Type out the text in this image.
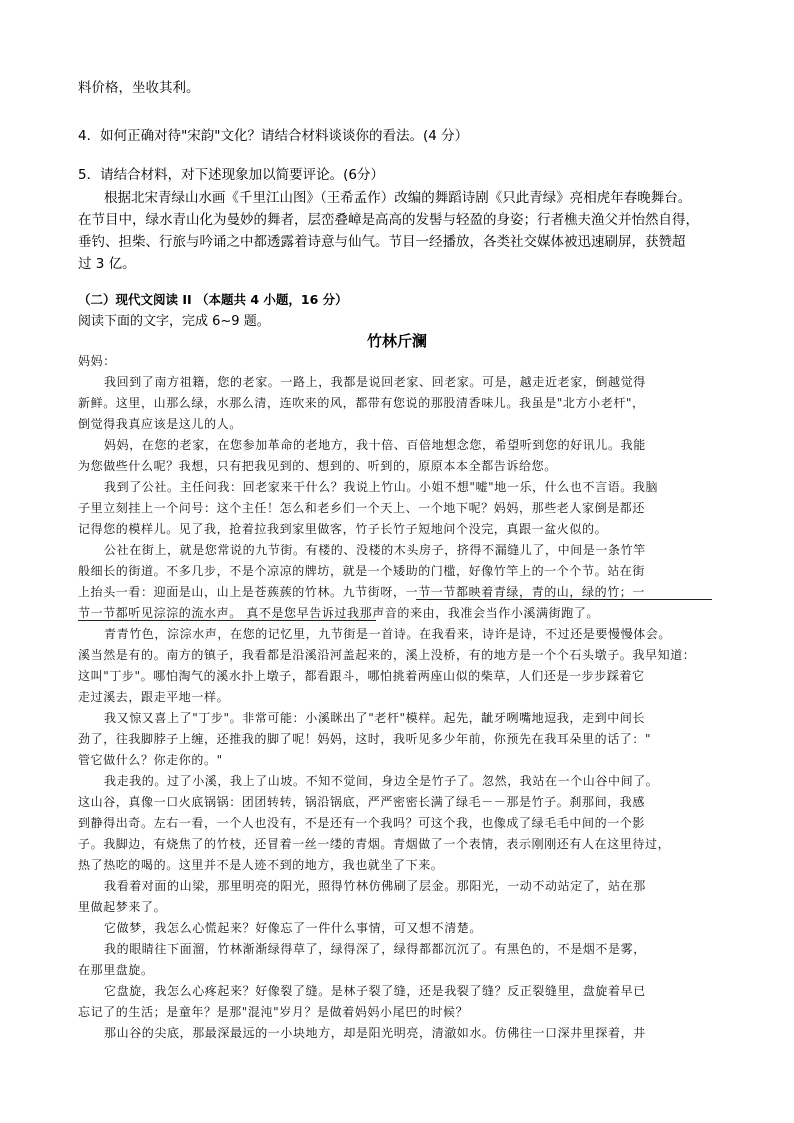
料价格，坐收其利。
4．如何正确对待"宋韵"文化？请结合材料谈谈你的看法。(4 分）
5．请结合材料，对下述现象加以简要评论。(6分）
根据北宋青绿山水画《千里江山图》（王希孟作）改编的舞蹈诗剧《只此青绿》亮相虎年春晚舞台。
在节目中，绿水青山化为曼妙的舞者，层峦叠嶂是高高的发髻与轻盈的身姿；行者樵夫渔父并怡然自得，
垂钓、担柴、行旅与吟诵之中都透露着诗意与仙气。节目一经播放，各类社交媒体被迅速刷屏，获赞超
过 3 亿。
（二）现代文阅读 II （本题共 4 小题，16 分）
阅读下面的文字，完成 6~9 题。
竹林斤澜
妈妈：
我回到了南方祖籍，您的老家。一路上，我都是说回老家、回老家。可是，越走近老家，倒越觉得
新鲜。这里，山那么绿，水那么清，连吹来的风，都带有您说的那股清香味儿。我虽是"北方小老杆"，
倒觉得我真应该是这儿的人。
妈妈，在您的老家，在您参加革命的老地方，我十倍、百倍地想念您，希望听到您的好讯儿。我能
为您做些什么呢？我想，只有把我见到的、想到的、听到的，原原本本全都告诉给您。
我到了公社。主任问我：回老家来干什么？我说上竹山。小姐不想"嘘"地一乐，什么也不言语。我脑
子里立刻挂上一个问号：这个主任！怎么和老乡们一个天上、一个地下呢？妈妈，那些老人家倒是都还
记得您的模样儿。见了我，抢着拉我到家里做客，竹子长竹子短地问个没完，真跟一盆火似的。
公社在街上，就是您常说的九节街。有楼的、没楼的木头房子，挤得不漏缝儿了，中间是一条竹竿
般细长的街道。不多几步，不是个凉凉的牌坊，就是一个矮助的门槛，好像竹竿上的一个个节。站在街
上抬头一看：迎面是山，山上是苍蔟蔟的竹林。九节街呀，一节一节都映着青绿，青的山，绿的竹；一
节一节都听见淙淙的流水声。 真不是您早告诉过我那声音的来由，我准会当作小溪满街跑了。
青青竹色，淙淙水声，在您的记忆里，九节街是一首诗。在我看来，诗许是诗，不过还是要慢慢体会。
溪当然是有的。南方的镇子，我看都是沿溪沿河盖起来的，溪上没桥，有的地方是一个个石头墩子。我早知道：
这叫"丁步"。哪怕淘气的溪水扑上墩子，都看跟斗，哪怕挑着两座山似的柴草，人们还是一步步踩着它
走过溪去，跟走平地一样。
我又惊又喜上了"丁步"。非常可能：小溪眯出了"老杆"模样。起先，龇牙咧嘴地逗我，走到中间长
劲了，往我脚脖子上缠，还推我的脚了呢！妈妈，这时，我听见多少年前，你预先在我耳朵里的话了："
管它做什么？你走你的。"
我走我的。过了小溪，我上了山坡。不知不觉间，身边全是竹子了。忽然，我站在一个山谷中间了。
这山谷，真像一口火底锅锅：团团转转，锅沿锅底，严严密密长满了绿毛－－那是竹子。刹那间，我感
到静得出奇。左右一看，一个人也没有，不是还有一个我吗？可这个我，也像成了绿毛毛中间的一个影
子。我脚边，有烧焦了的竹枝，还冒着一丝一缕的青烟。青烟做了一个表情，表示刚刚还有人在这里待过，
热了热吃的喝的。这里并不是人迹不到的地方，我也就坐了下来。
我看着对面的山梁，那里明亮的阳光，照得竹林仿佛刷了层金。那阳光，一动不动站定了，站在那
里做起梦来了。
它做梦，我怎么心慌起来？好像忘了一件什么事情，可又想不清楚。
我的眼睛往下面溜，竹林渐渐绿得草了，绿得深了，绿得都都沉沉了。有黑色的，不是烟不是雾，
在那里盘旋。
它盘旋，我怎么心疼起来？好像裂了缝。是林子裂了缝，还是我裂了缝？反正裂缝里，盘旋着早已
忘记了的生活；是童年？是那"混沌"岁月？是做着妈妈小尾巴的时候？
那山谷的尖底，那最深最远的一小块地方，却是阳光明亮，清澈如水。仿佛往一口深井里探着，井
